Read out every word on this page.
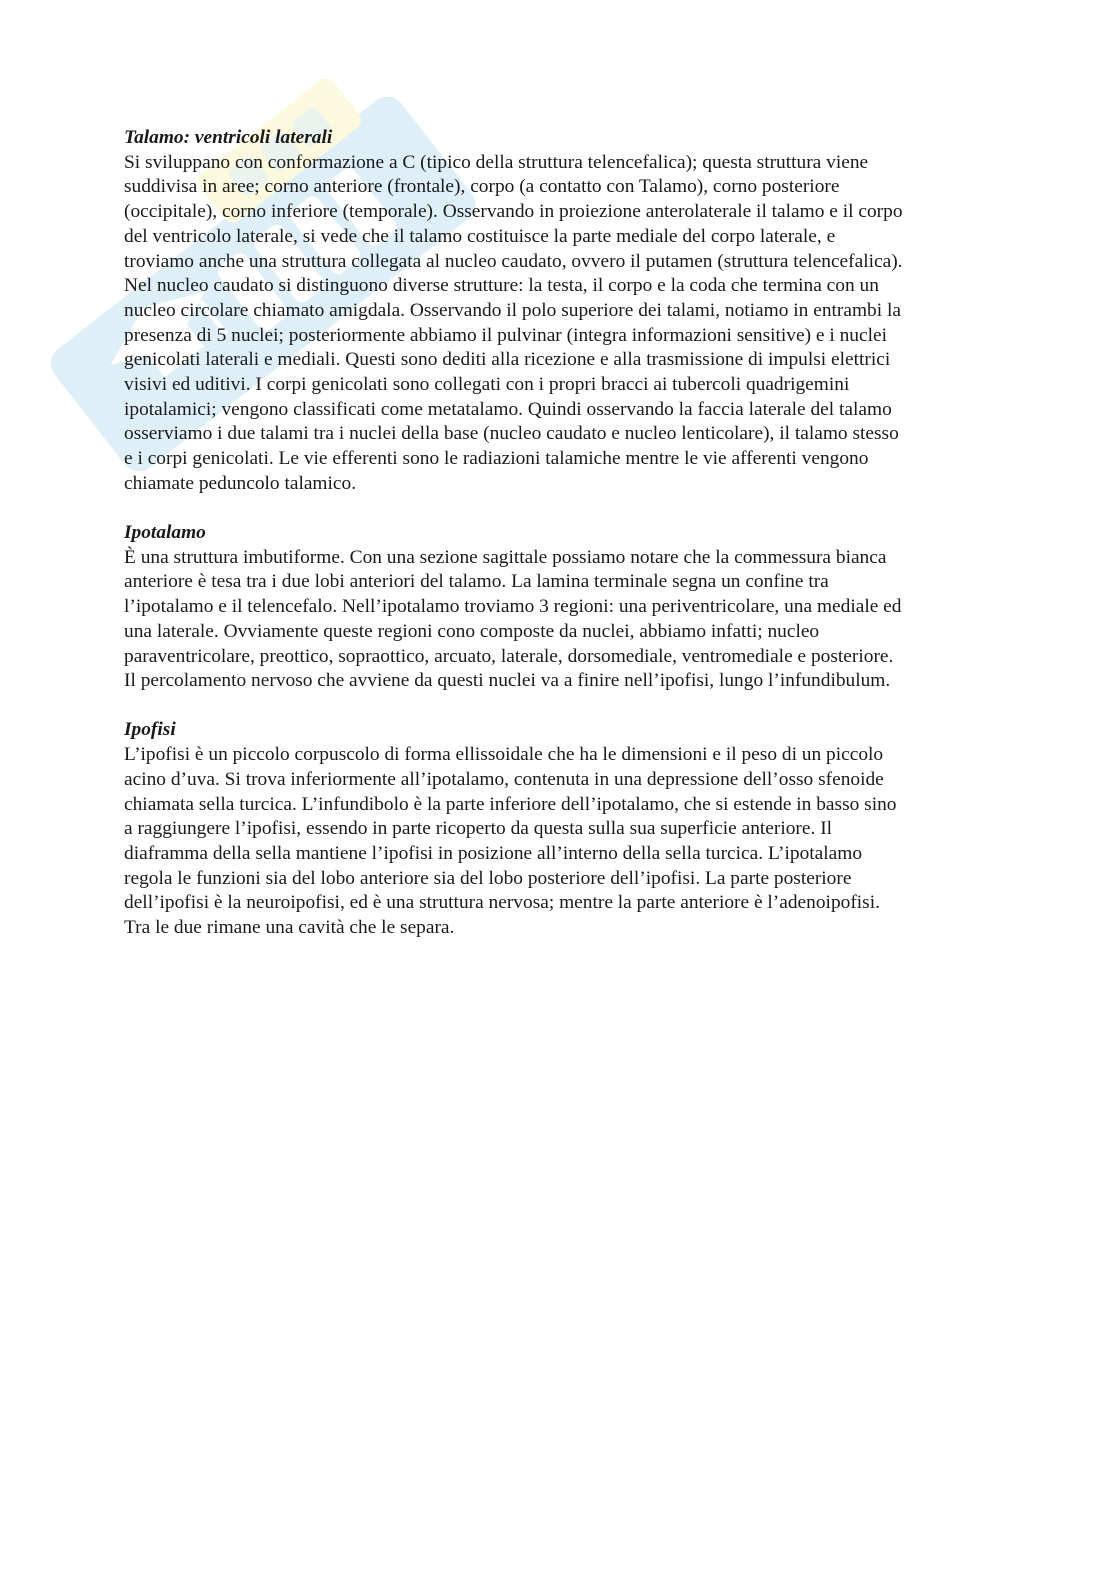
Talamo: ventricoli laterali

Si sviluppano con conformazione a C (tipico della struttura telencefalica); questa struttura viene
suddivisa in aree; corno anteriore (frontale), corpo (a contatto con Talamo), corno posteriore
(occipitale), corno inferiore (temporale). Osservando in proiezione anterolaterale il talamo e il corpo
del ventricolo laterale, si vede che il talamo costituisce la parte mediale del corpo laterale, e
troviamo anche una struttura collegata al nucleo caudato, ovvero il putamen (struttura telencefalica).
Nel nucleo caudato si distinguono diverse strutture: la testa, il corpo e la coda che termina con un
nucleo circolare chiamato amigdala. Osservando il polo superiore dei talami, notiamo in entrambi la
presenza di 5 nuclei; posteriormente abbiamo il pulvinar (integra informazioni sensitive) e i nuclei
genicolati laterali e mediali. Questi sono dediti alla ricezione e alla trasmissione di impulsi elettrici
visivi ed uditivi. I corpi genicolati sono collegati con i propri bracci ai tubercoli quadrigemini
ipotalamici; vengono classificati come metatalamo. Quindi osservando la faccia laterale del talamo
osserviamo i due talami tra i nuclei della base (nucleo caudato e nucleo lenticolare), il talamo stesso
e i corpi genicolati. Le vie efferenti sono le radiazioni talamiche mentre le vie afferenti vengono
chiamate peduncolo talamico.

Ipotalamo

È una struttura imbutiforme. Con una sezione sagittale possiamo notare che la commessura bianca
anteriore è tesa tra i due lobi anteriori del talamo. La lamina terminale segna un confine tra
l’ipotalamo e il telencefalo. Nell’ipotalamo troviamo 3 regioni: una periventricolare, una mediale ed
una laterale. Ovviamente queste regioni cono composte da nuclei, abbiamo infatti; nucleo
paraventricolare, preottico, sopraottico, arcuato, laterale, dorsomediale, ventromediale e posteriore.
Il percolamento nervoso che avviene da questi nuclei va a finire nell’ipofisi, lungo l’infundibulum.

Ipofisi

L’ipofisi è un piccolo corpuscolo di forma ellissoidale che ha le dimensioni e il peso di un piccolo
acino d’uva. Si trova inferiormente all’ipotalamo, contenuta in una depressione dell’osso sfenoide
chiamata sella turcica. L’infundibolo è la parte inferiore dell’ipotalamo, che si estende in basso sino
a raggiungere l’ipofisi, essendo in parte ricoperto da questa sulla sua superficie anteriore. Il
diaframma della sella mantiene l’ipofisi in posizione all’interno della sella turcica. L’ipotalamo
regola le funzioni sia del lobo anteriore sia del lobo posteriore dell’ipofisi. La parte posteriore
dell’ipofisi è la neuroipofisi, ed è una struttura nervosa; mentre la parte anteriore è l’adenoipofisi.
Tra le due rimane una cavità che le separa.
